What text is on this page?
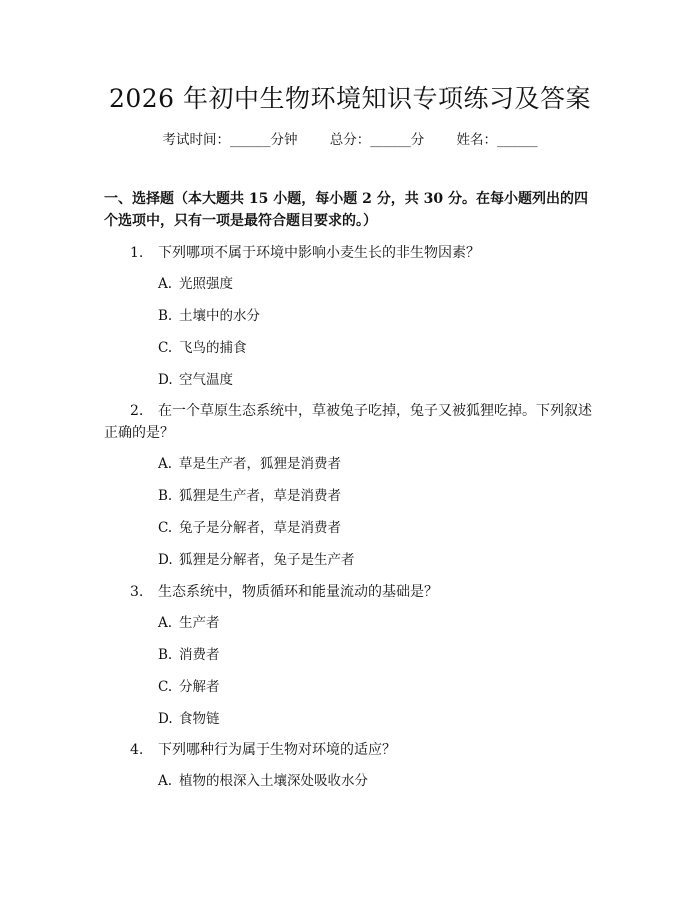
2026 年初中生物环境知识专项练习及答案
考试时间：______分钟 总分：______分 姓名：______
一、选择题（本大题共 15 小题，每小题 2 分，共 30 分。在每小题列出的四个选项中，只有一项是最符合题目要求的。）
1. 下列哪项不属于环境中影响小麦生长的非生物因素？
A. 光照强度
B. 土壤中的水分
C. 飞鸟的捕食
D. 空气温度
2. 在一个草原生态系统中，草被兔子吃掉，兔子又被狐狸吃掉。下列叙述正确的是？
A. 草是生产者，狐狸是消费者
B. 狐狸是生产者，草是消费者
C. 兔子是分解者，草是消费者
D. 狐狸是分解者，兔子是生产者
3. 生态系统中，物质循环和能量流动的基础是？
A. 生产者
B. 消费者
C. 分解者
D. 食物链
4. 下列哪种行为属于生物对环境的适应？
A. 植物的根深入土壤深处吸收水分
